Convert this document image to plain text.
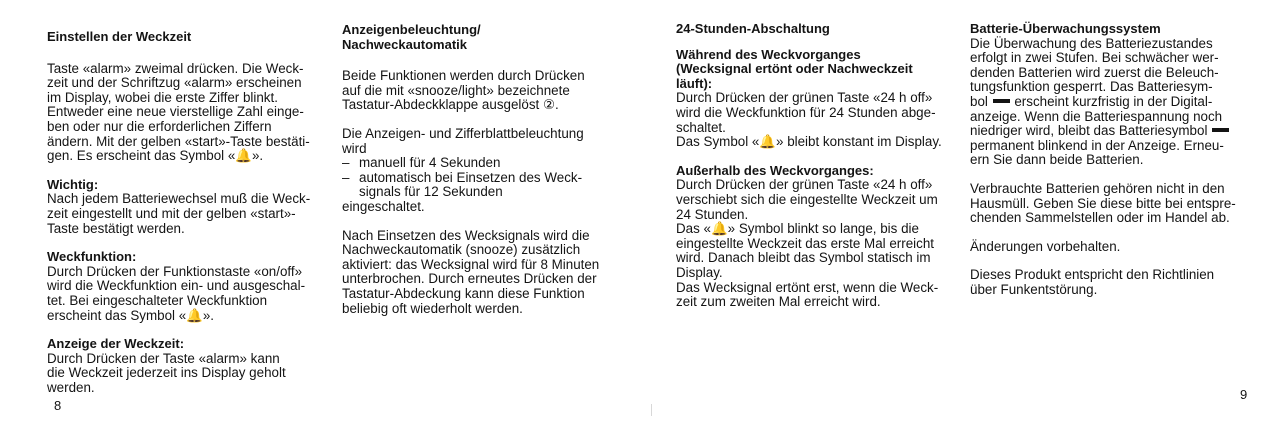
Einstellen der Weckzeit

Taste «alarm» zweimal drücken. Die Weck-

zeit und der Schriftzug «alarm» erscheinen

im Display, wobei die erste Ziffer blinkt.

Entweder eine neue vierstellige Zahl einge-

ben oder nur die erforderlichen Ziffern

ändern. Mit der gelben «start»-Taste bestäti-

gen. Es erscheint das Symbol «🔔».

Wichtig:

Nach jedem Batteriewechsel muß die Weck-

zeit eingestellt und mit der gelben «start»-

Taste bestätigt werden.

Weckfunktion:

Durch Drücken der Funktionstaste «on/off»

wird die Weckfunktion ein- und ausgeschal-

tet. Bei eingeschalteter Weckfunktion

erscheint das Symbol «🔔».

Anzeige der Weckzeit:

Durch Drücken der Taste «alarm» kann

die Weckzeit jederzeit ins Display geholt

werden.

Anzeigenbeleuchtung/
Nachweckautomatik

Beide Funktionen werden durch Drücken

auf die mit «snooze/light» bezeichnete

Tastatur-Abdeckklappe ausgelöst ②.

Die Anzeigen- und Zifferblattbeleuchtung

wird

– manuell für 4 Sekunden
– automatisch bei Einsetzen des Weck-
signals für 12 Sekunden

eingeschaltet.

Nach Einsetzen des Wecksignals wird die

Nachweckautomatik (snooze) zusätzlich

aktiviert: das Wecksignal wird für 8 Minuten

unterbrochen. Durch erneutes Drücken der

Tastatur-Abdeckung kann diese Funktion

beliebig oft wiederholt werden.

24-Stunden-Abschaltung
Während des Weckvorganges
(Wecksignal ertönt oder Nachweckzeit
läuft):

Durch Drücken der grünen Taste «24 h off»

wird die Weckfunktion für 24 Stunden abge-

schaltet.

Das Symbol «🔔» bleibt konstant im Display.

Außerhalb des Weckvorganges:

Durch Drücken der grünen Taste «24 h off»

verschiebt sich die eingestellte Weckzeit um

24 Stunden.

Das «🔔» Symbol blinkt so lange, bis die

eingestellte Weckzeit das erste Mal erreicht

wird. Danach bleibt das Symbol statisch im

Display.

Das Wecksignal ertönt erst, wenn die Weck-

zeit zum zweiten Mal erreicht wird.

Batterie-Überwachungssystem

Die Überwachung des Batteriezustandes

erfolgt in zwei Stufen. Bei schwächer wer-

denden Batterien wird zuerst die Beleuch-

tungsfunktion gesperrt. Das Batteriesym-

bol erscheint kurzfristig in der Digital-

anzeige. Wenn die Batteriespannung noch

niedriger wird, bleibt das Batteriesymbol

permanent blinkend in der Anzeige. Erneu-

ern Sie dann beide Batterien.

Verbrauchte Batterien gehören nicht in den

Hausmüll. Geben Sie diese bitte bei entspre-

chenden Sammelstellen oder im Handel ab.

Änderungen vorbehalten.

Dieses Produkt entspricht den Richtlinien

über Funkentstörung.

8
9
